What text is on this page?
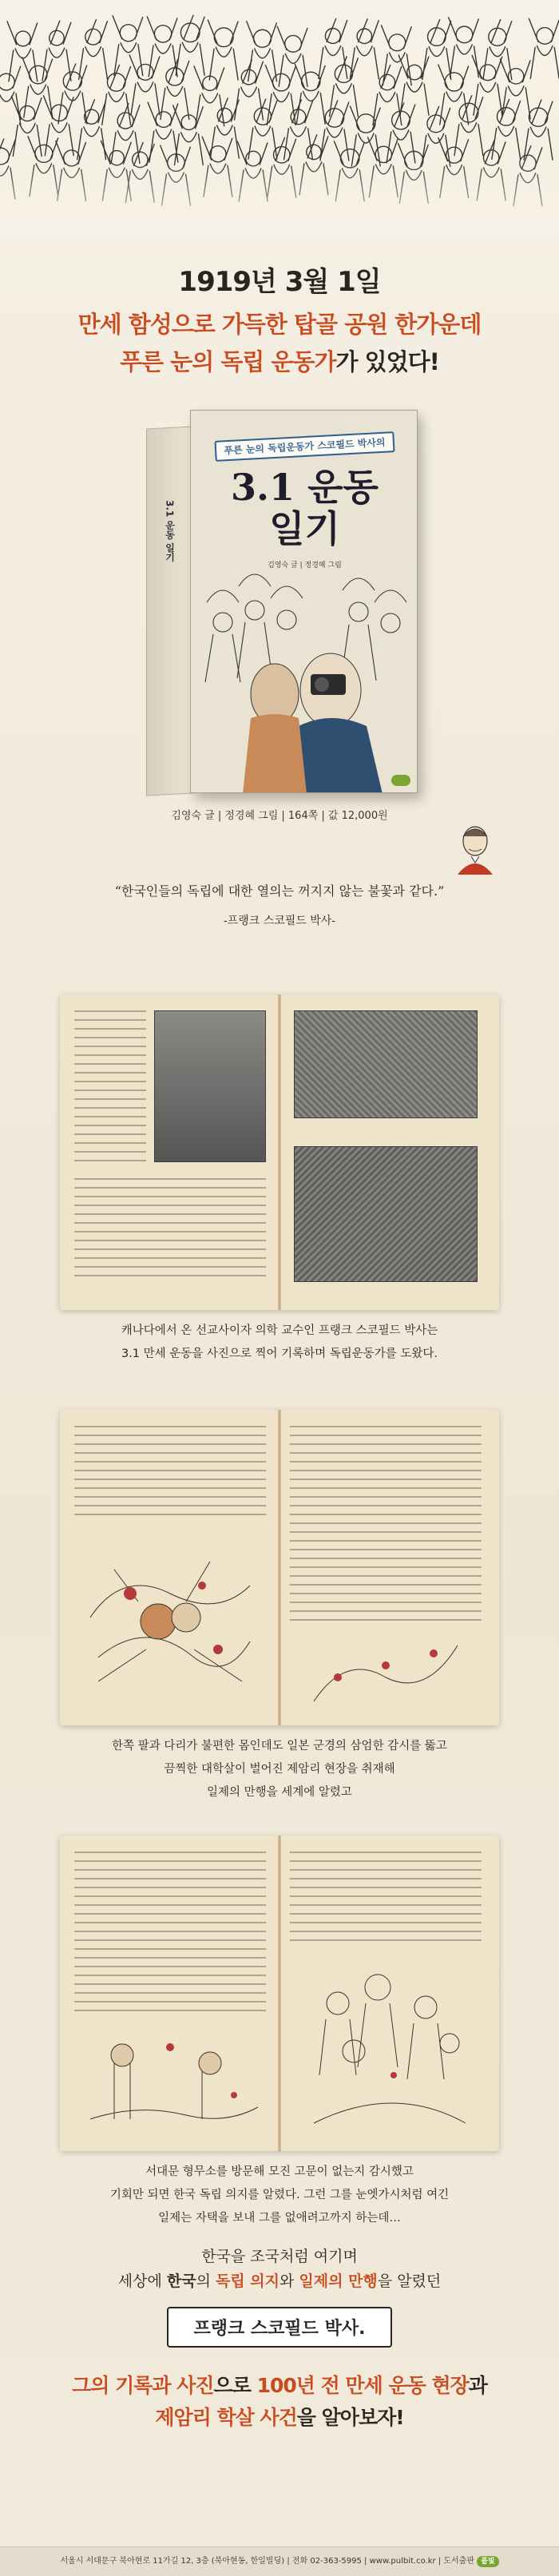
1919년 3월 1일
만세 함성으로 가득한 탑골 공원 한가운데
푸른 눈의 독립 운동가가 있었다!
3.1 운동 일기
푸른 눈의 독립운동가 스코필드 박사의
3.1 운동
일기
김영숙 글 | 정경혜 그림
김영숙 글 | 정경혜 그림 | 164쪽 | 값 12,000원
“한국인들의 독립에 대한 열의는 꺼지지 않는 불꽃과 같다.”
-프랭크 스코필드 박사-
캐나다에서 온 선교사이자 의학 교수인 프랭크 스코필드 박사는
3.1 만세 운동을 사진으로 찍어 기록하며 독립운동가를 도왔다.
한쪽 팔과 다리가 불편한 몸인데도 일본 군경의 삼엄한 감시를 뚫고
끔찍한 대학살이 벌어진 제암리 현장을 취재해
일제의 만행을 세계에 알렸고
서대문 형무소를 방문해 모진 고문이 없는지 감시했고
기회만 되면 한국 독립 의지를 알렸다. 그런 그를 눈엣가시처럼 여긴
일제는 자택을 보내 그를 없애려고까지 하는데…
한국을 조국처럼 여기며
세상에 한국의 독립 의지와 일제의 만행을 알렸던
프랭크 스코필드 박사.
그의 기록과 사진으로 100년 전 만세 운동 현장과
제암리 학살 사건을 알아보자!
서울시 서대문구 북아현로 11가길 12, 3층 (북아현동, 한일빌딩) | 전화 02-363-5995 | www.pulbit.co.kr | 도서출판 풀빛
